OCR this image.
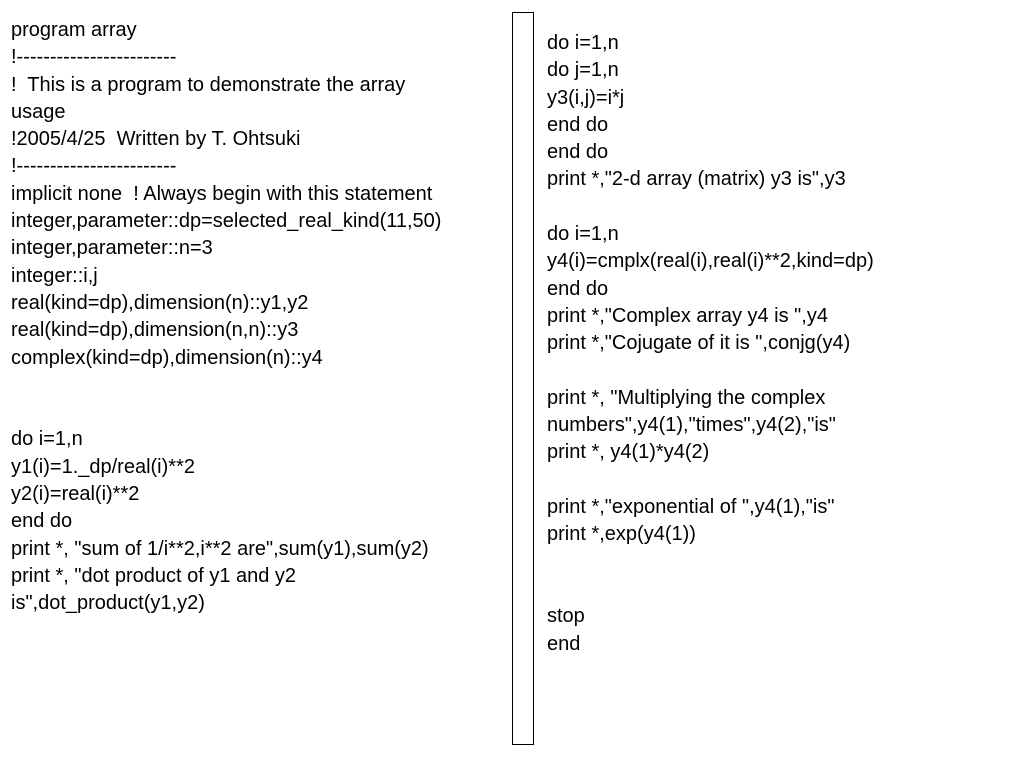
program array
!------------------------
!  This is a program to demonstrate the array
usage
!2005/4/25  Written by T. Ohtsuki
!------------------------
implicit none  ! Always begin with this statement
integer,parameter::dp=selected_real_kind(11,50)
integer,parameter::n=3
integer::i,j
real(kind=dp),dimension(n)::y1,y2
real(kind=dp),dimension(n,n)::y3
complex(kind=dp),dimension(n)::y4
do i=1,n
y1(i)=1._dp/real(i)**2
y2(i)=real(i)**2
end do
print *, "sum of 1/i**2,i**2 are",sum(y1),sum(y2)
print *, "dot product of y1 and y2
is",dot_product(y1,y2)
do i=1,n
do j=1,n
y3(i,j)=i*j
end do
end do
print *,"2-d array (matrix) y3 is",y3
do i=1,n
y4(i)=cmplx(real(i),real(i)**2,kind=dp)
end do
print *,"Complex array y4 is ",y4
print *,"Cojugate of it is ",conjg(y4)
print *, "Multiplying the complex
numbers",y4(1),"times",y4(2),"is"
print *, y4(1)*y4(2)
print *,"exponential of ",y4(1),"is"
print *,exp(y4(1))
stop
end
